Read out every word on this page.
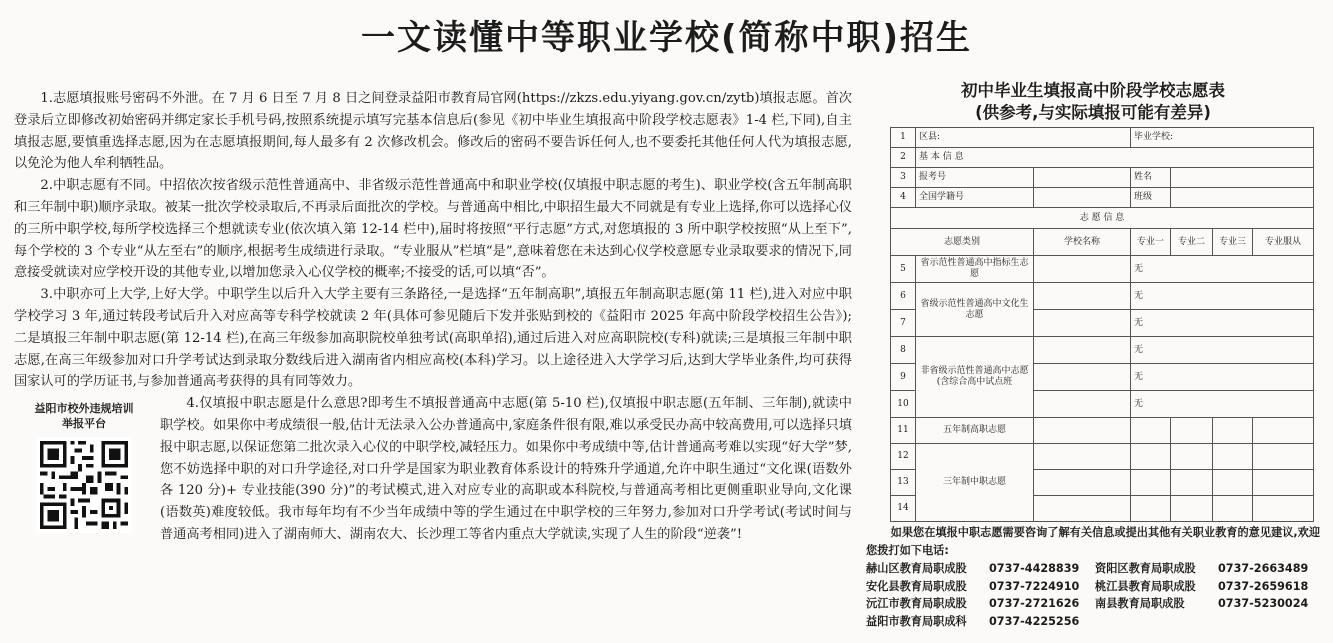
一文读懂中等职业学校(简称中职)招生

1.志愿填报账号密码不外泄。在 7 月 6 日至 7 月 8 日之间登录益阳市教育局官网(https://zkzs.edu.yiyang.gov.cn/zytb)填报志愿。首次登录后立即修改初始密码并绑定家长手机号码,按照系统提示填写完基本信息后(参见《初中毕业生填报高中阶段学校志愿表》1-4 栏,下同),自主填报志愿,要慎重选择志愿,因为在志愿填报期间,每人最多有 2 次修改机会。修改后的密码不要告诉任何人,也不要委托其他任何人代为填报志愿,以免沦为他人牟利牺牲品。

2.中职志愿有不同。中招依次按省级示范性普通高中、非省级示范性普通高中和职业学校(仅填报中职志愿的考生)、职业学校(含五年制高职和三年制中职)顺序录取。被某一批次学校录取后,不再录后面批次的学校。与普通高中相比,中职招生最大不同就是有专业上选择,你可以选择心仪的三所中职学校,每所学校选择三个想就读专业(依次填入第 12-14 栏中),届时将按照“平行志愿”方式,对您填报的 3 所中职学校按照“从上至下”,每个学校的 3 个专业“从左至右”的顺序,根据考生成绩进行录取。“专业服从”栏填“是”,意味着您在未达到心仪学校意愿专业录取要求的情况下,同意接受就读对应学校开设的其他专业,以增加您录入心仪学校的概率;不接受的话,可以填“否”。

3.中职亦可上大学,上好大学。中职学生以后升入大学主要有三条路径,一是选择“五年制高职”,填报五年制高职志愿(第 11 栏),进入对应中职学校学习 3 年,通过转段考试后升入对应高等专科学校就读 2 年(具体可参见随后下发并张贴到校的《益阳市 2025 年高中阶段学校招生公告》);二是填报三年制中职志愿(第 12-14 栏),在高三年级参加高职院校单独考试(高职单招),通过后进入对应高职院校(专科)就读;三是填报三年制中职志愿,在高三年级参加对口升学考试达到录取分数线后进入湖南省内相应高校(本科)学习。以上途径进入大学学习后,达到大学毕业条件,均可获得国家认可的学历证书,与参加普通高考获得的具有同等效力。

益阳市校外违规培训
举报平台

4.仅填报中职志愿是什么意思?即考生不填报普通高中志愿(第 5-10 栏),仅填报中职志愿(五年制、三年制),就读中职学校。如果你中考成绩很一般,估计无法录入公办普通高中,家庭条件很有限,难以承受民办高中较高费用,可以选择只填报中职志愿,以保证您第二批次录入心仪的中职学校,减轻压力。如果你中考成绩中等,估计普通高考难以实现“好大学”梦,您不妨选择中职的对口升学途径,对口升学是国家为职业教育体系设计的特殊升学通道,允许中职生通过“文化课(语数外各 120 分)+ 专业技能(390 分)”的考试模式,进入对应专业的高职或本科院校,与普通高考相比更侧重职业导向,文化课(语数英)难度较低。我市每年均有不少当年成绩中等的学生通过在中职学校的三年努力,参加对口升学考试(考试时间与普通高考相同)进入了湖南师大、湖南农大、长沙理工等省内重点大学就读,实现了人生的阶段“逆袭”!

初中毕业生填报高中阶段学校志愿表
(供参考,与实际填报可能有差异)
1	区县:		毕业学校:			
2	基 本 信 息					
3	报考号		姓名			
4	全国学籍号		班级			
志 愿 信 息						
志愿类别		学校名称	专业一	专业二	专业三	专业服从
5	省示范性普通高中指标生志愿		无			
6	省级示范性普通高中文化生志愿		无			
7			无			
8	非省级示范性普通高中志愿(含综合高中试点班		无			
9			无			
10			无			
11	五年制高职志愿					
12	三年制中职志愿					
13						
14						
如果您在填报中职志愿需要咨询了解有关信息或提出其他有关职业教育的意见建议,欢迎您拨打如下电话:
赫山区教育局职成股 0737-4428839 资阳区教育局职成股 0737-2663489
安化县教育局职成股 0737-7224910 桃江县教育局职成股 0737-2659618
沅江市教育局职成股 0737-2721626 南县教育局职成股	0737-5230024
益阳市教育局职成科 0737-4225256
